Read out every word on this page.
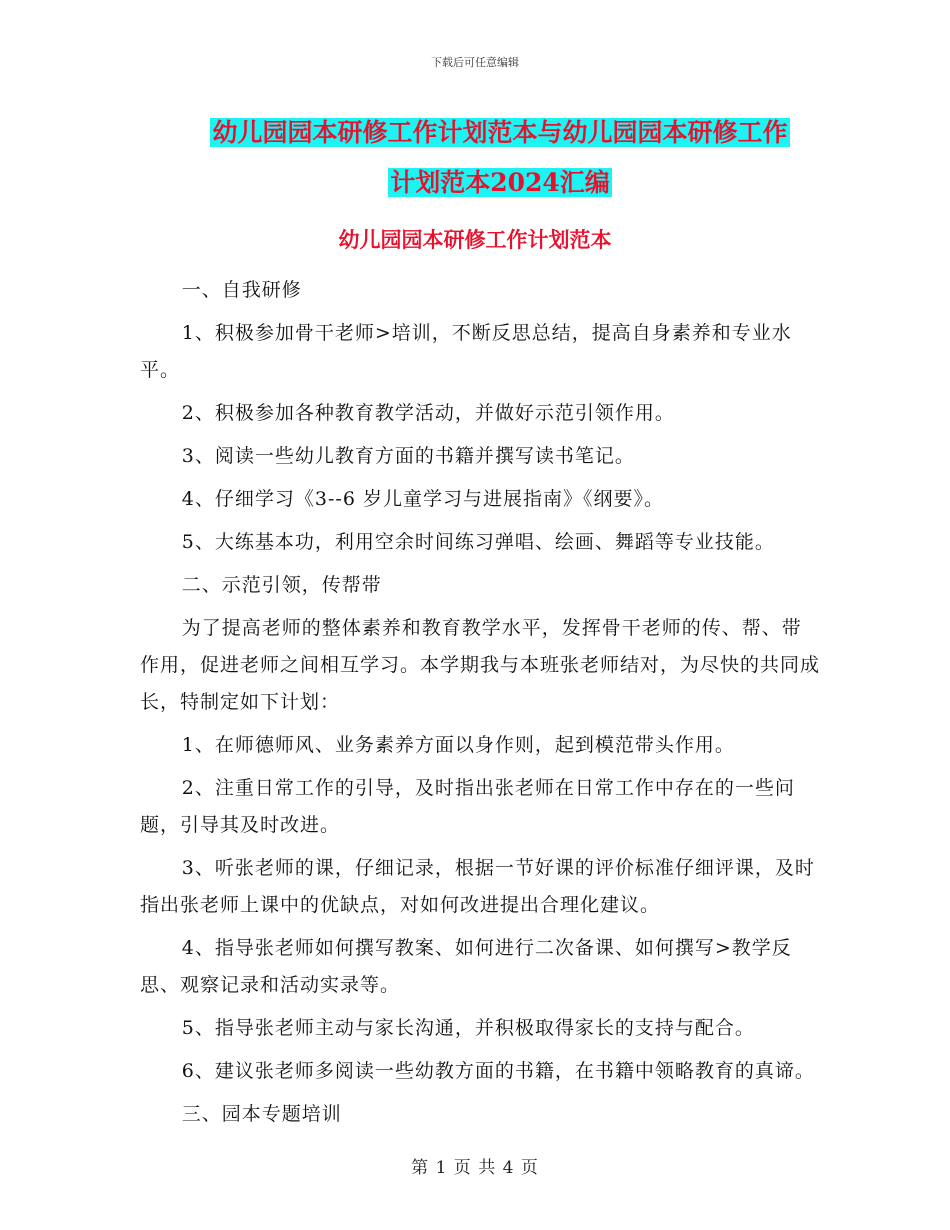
下载后可任意编辑
幼儿园园本研修工作计划范本与幼儿园园本研修工作
计划范本2024汇编
幼儿园园本研修工作计划范本

一、自我研修

1、积极参加骨干老师>培训，不断反思总结，提高自身素养和专业水平。

2、积极参加各种教育教学活动，并做好示范引领作用。

3、阅读一些幼儿教育方面的书籍并撰写读书笔记。

4、仔细学习《3--6 岁儿童学习与进展指南》《纲要》。

5、大练基本功，利用空余时间练习弹唱、绘画、舞蹈等专业技能。

二、示范引领，传帮带

为了提高老师的整体素养和教育教学水平，发挥骨干老师的传、帮、带作用，促进老师之间相互学习。本学期我与本班张老师结对，为尽快的共同成长，特制定如下计划：

1、在师德师风、业务素养方面以身作则，起到模范带头作用。

2、注重日常工作的引导，及时指出张老师在日常工作中存在的一些问题，引导其及时改进。

3、听张老师的课，仔细记录，根据一节好课的评价标准仔细评课，及时指出张老师上课中的优缺点，对如何改进提出合理化建议。

4、指导张老师如何撰写教案、如何进行二次备课、如何撰写>教学反思、观察记录和活动实录等。

5、指导张老师主动与家长沟通，并积极取得家长的支持与配合。

6、建议张老师多阅读一些幼教方面的书籍，在书籍中领略教育的真谛。

三、园本专题培训

第 1 页 共 4 页
